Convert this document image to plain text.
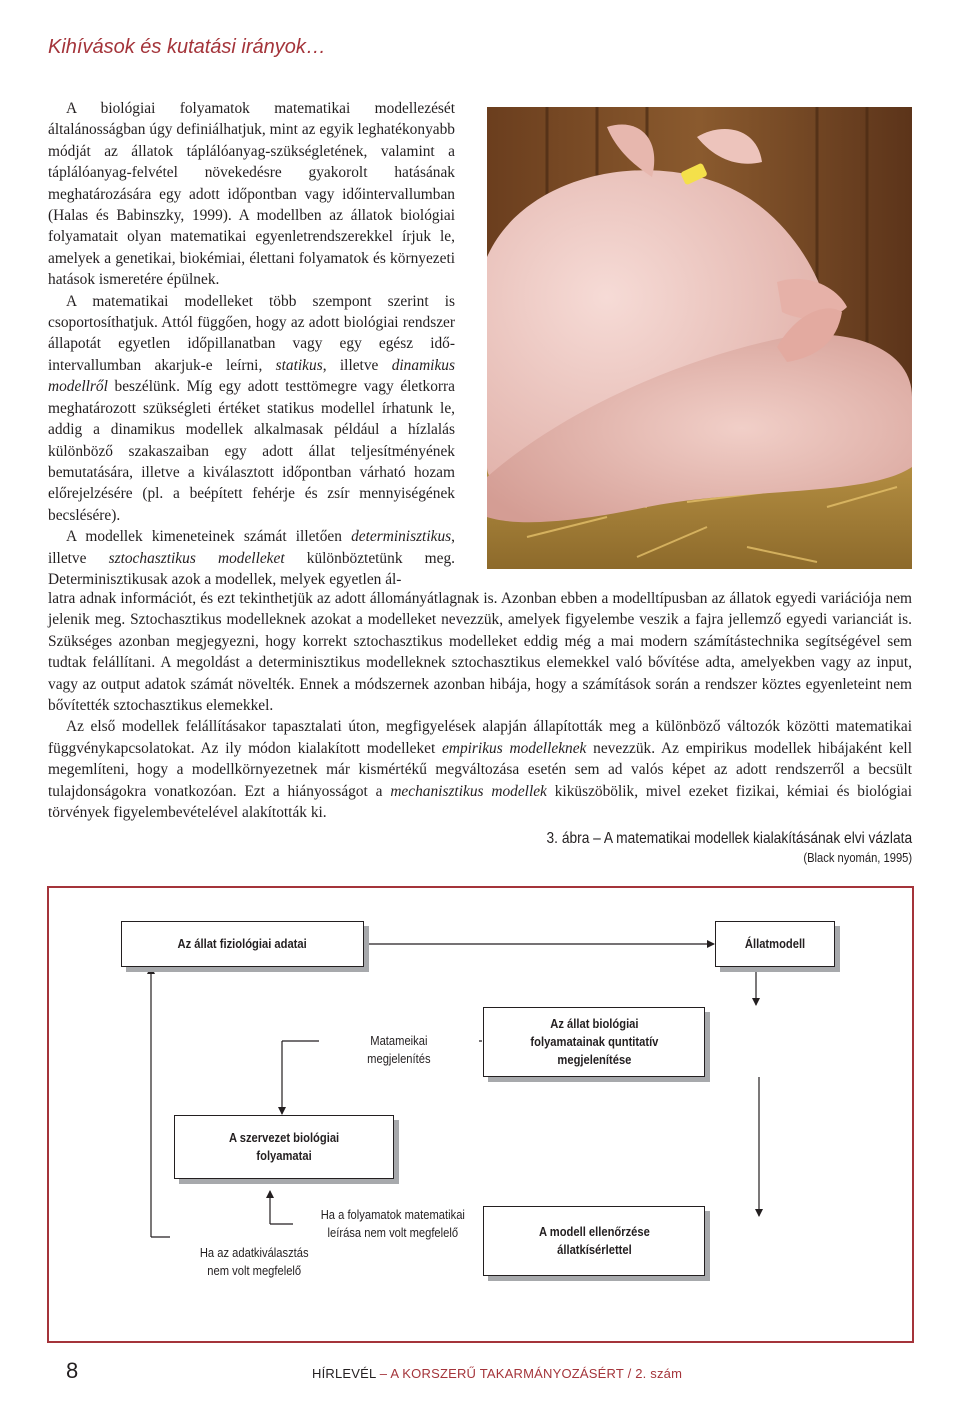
Kihívások és kutatási irányok…

A biológiai folyamatok matematikai modellezését általánosságban úgy definiálhatjuk, mint az egyik leghatékonyabb módját az állatok táplálóanyag-szükségletének, valamint a táplálóanyag-felvétel növekedésre gyakorolt hatásának meghatározására egy adott időpontban vagy időintervallumban (Halas és Babinszky, 1999). A modellben az állatok biológiai folyamatait olyan matematikai egyenletrendszerekkel írjuk le, amelyek a genetikai, biokémiai, élettani folyamatok és környezeti hatások ismeretére épülnek.

A matematikai modelleket több szempont szerint is csoportosíthatjuk. Attól függően, hogy az adott biológiai rendszer állapotát egyetlen időpillanatban vagy egy egész időintervallumban akarjuk-e leírni, statikus, illetve dinamikus modellről beszélünk. Míg egy adott testtömegre vagy életkorra meghatározott szükségleti értéket statikus modellel írhatunk le, addig a dinamikus modellek alkalmasak például a hízlalás különböző szakaszaiban egy adott állat teljesítményének bemutatására, illetve a kiválasztott időpontban várható hozam előrejelzésére (pl. a beépített fehérje és zsír mennyiségének becslésére).

A modellek kimeneteinek számát illetően determinisztikus, illetve sztochasztikus modelleket különböztetünk meg. Determinisztikusak azok a modellek, melyek egyetlen ál-

latra adnak információt, és ezt tekinthetjük az adott állományátlagnak is. Azonban ebben a modelltípusban az állatok egyedi variációja nem jelenik meg. Sztochasztikus modelleknek azokat a modelleket nevezzük, amelyek figyelembe veszik a fajra jellemző egyedi varianciát is. Szükséges azonban megjegyezni, hogy korrekt sztochasztikus modelleket eddig még a mai modern számítástechnika segítségével sem tudtak felállítani. A megoldást a determinisztikus modelleknek sztochasztikus elemekkel való bővítése adta, amelyekben vagy az input, vagy az output adatok számát növelték. Ennek a módszernek azonban hibája, hogy a számítások során a rendszer köztes egyenleteint nem bővítették sztochasztikus elemekkel.

Az első modellek felállításakor tapasztalati úton, megfigyelések alapján állapították meg a különböző változók közötti matematikai függvénykapcsolatokat. Az ily módon kialakított modelleket empirikus modelleknek nevezzük. Az empirikus modellek hibájaként kell megemlíteni, hogy a modellkörnyezetnek már kismértékű megváltozása esetén sem ad valós képet az adott rendszerről a becsült tulajdonságokra vonatkozóan. Ezt a hiányosságot a mechanisztikus modellek kiküszöbölik, mivel ezeket fizikai, kémiai és biológiai törvények figyelembevételével alakították ki.

3. ábra – A matematikai modellek kialakításának elvi vázlata
(Black nyomán, 1995)
Az állat fiziológiai adatai	Állatmodell
Matameikai
megjelenítés
Az állat biológiai
folyamatainak quntitatív
megjelenítése
A szervezet biológiai
folyamatai
Ha a folyamatok matematikai
leírása nem volt megfelelő	A modell ellenőrzése
állatkísérlettel
Ha az adatkiválasztás
nem volt megfelelő
8	HÍRLEVÉL – A KORSZERŰ TAKARMÁNYOZÁSÉRT / 2. szám
